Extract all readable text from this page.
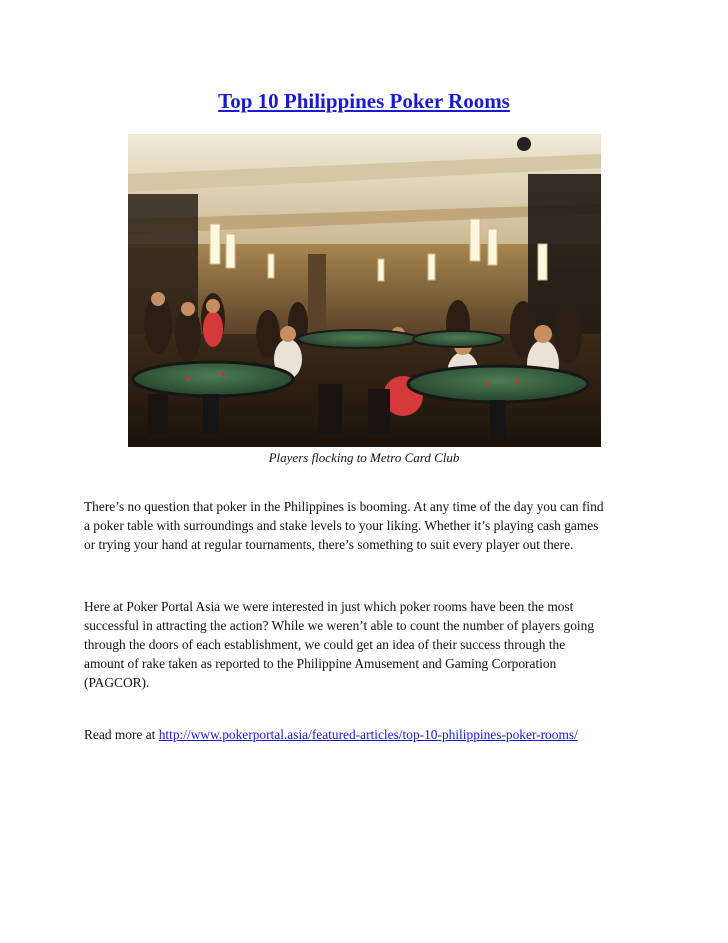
Top 10 Philippines Poker Rooms
Players flocking to Metro Card Club

There’s no question that poker in the Philippines is booming. At any time of the day you can find
a poker table with surroundings and stake levels to your liking. Whether it’s playing cash games
or trying your hand at regular tournaments, there’s something to suit every player out there.

Here at Poker Portal Asia we were interested in just which poker rooms have been the most
successful in attracting the action? While we weren’t able to count the number of players going
through the doors of each establishment, we could get an idea of their success through the
amount of rake taken as reported to the Philippine Amusement and Gaming Corporation
(PAGCOR).

Read more at http://www.pokerportal.asia/featured-articles/top-10-philippines-poker-rooms/
